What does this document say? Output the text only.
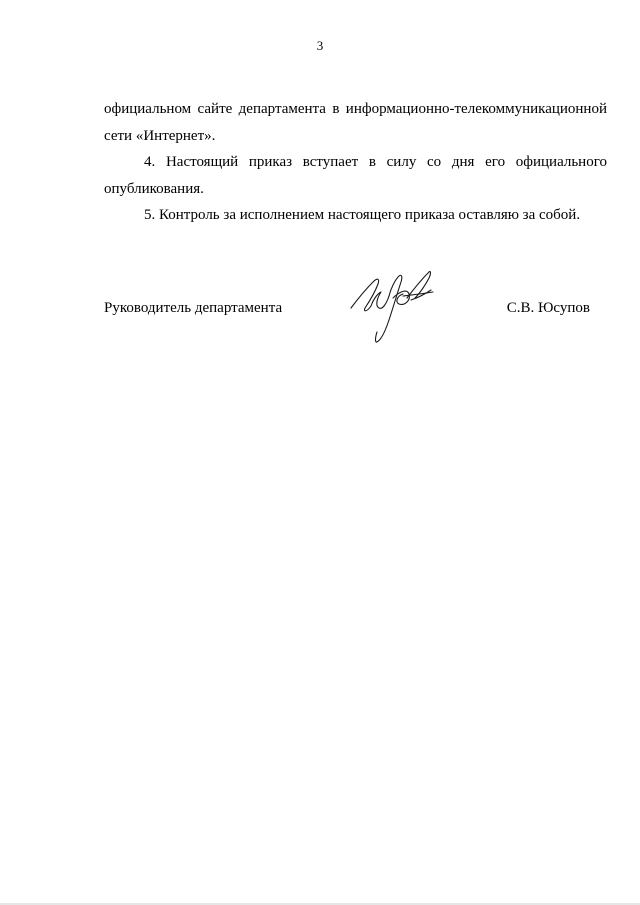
3
официальном сайте департамента в информационно-телекоммуникационной
сети «Интернет».
4. Настоящий приказ вступает в силу со дня его официального
опубликования.
5. Контроль за исполнением настоящего приказа оставляю за собой.
Руководитель департамента	С.В. Юсупов
